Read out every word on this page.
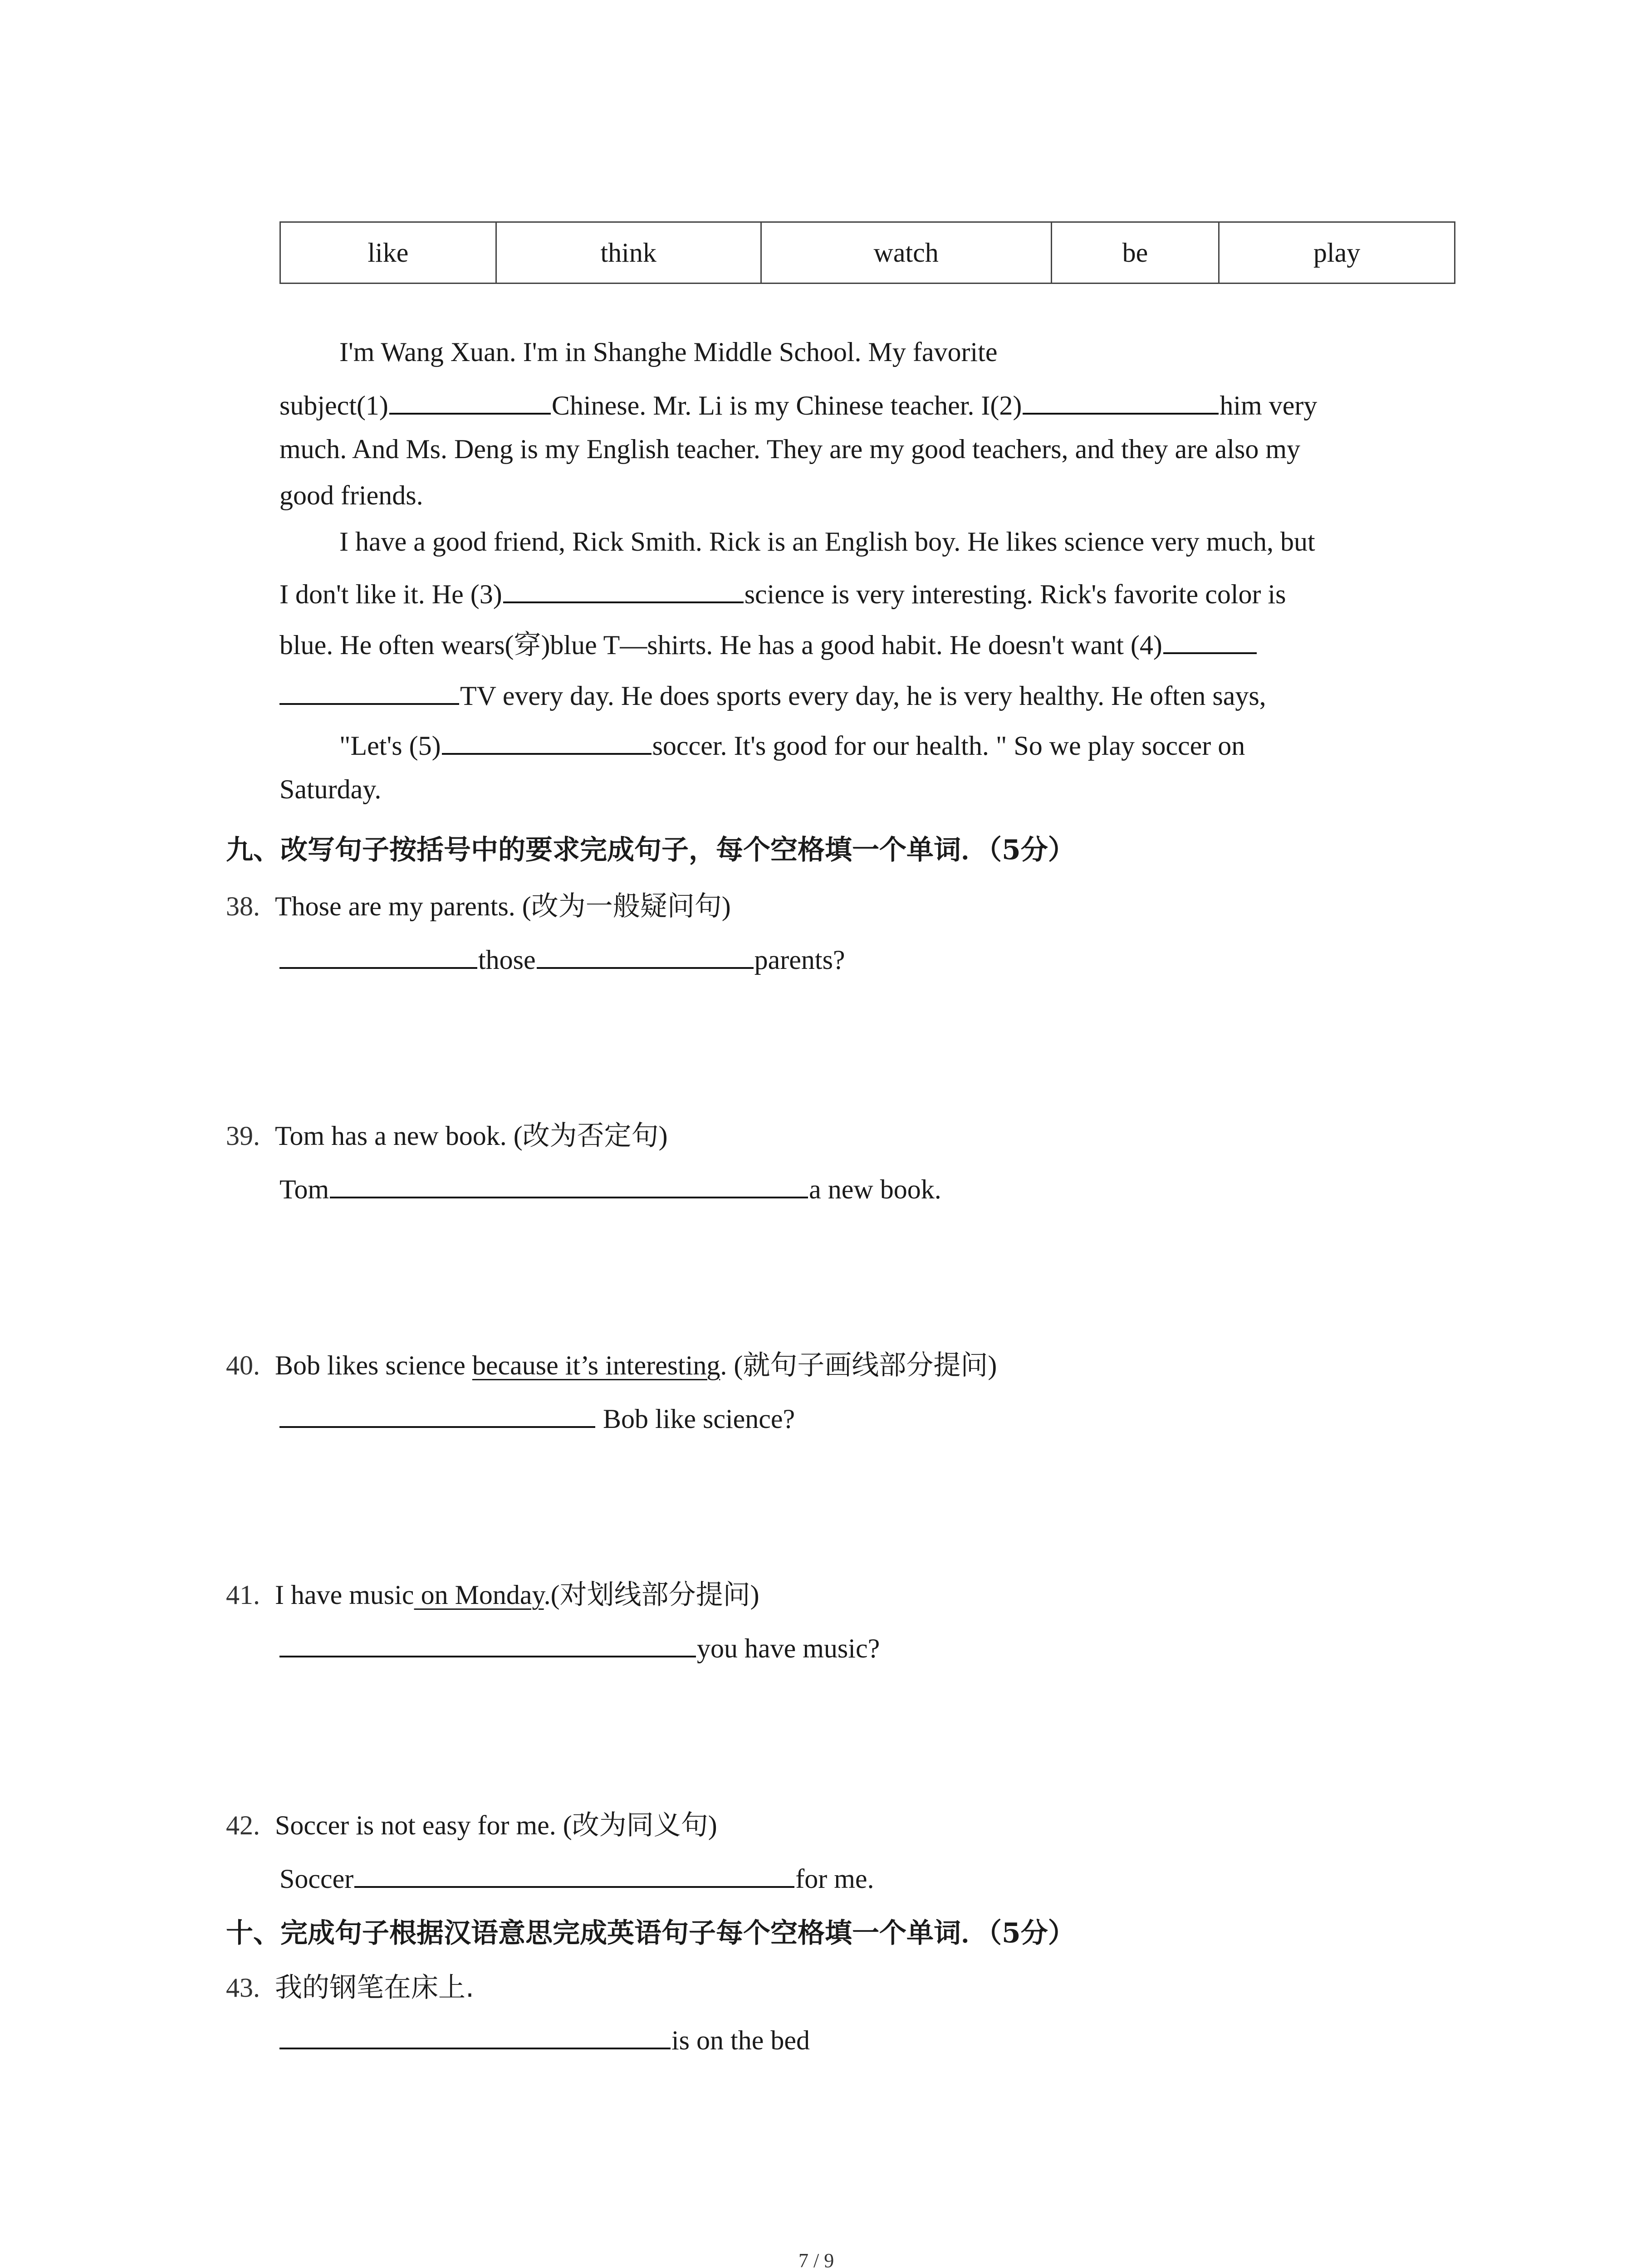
like	think	watch	be	play
I'm Wang Xuan. I'm in Shanghe Middle School. My favorite
subject(1)	Chinese. Mr. Li is my Chinese teacher. I(2)	him very
much. And Ms. Deng is my English teacher. They are my good teachers, and they are also my
good friends.
I have a good friend, Rick Smith. Rick is an English boy. He likes science very much, but
I don't like it. He (3)	science is very interesting. Rick's favorite color is
blue. He often wears(穿)blue T—shirts. He has a good habit. He doesn't want (4)
TV every day. He does sports every day, he is very healthy. He often says,
"Let's (5)	soccer. It's good for our health. " So we play soccer on
Saturday.
九、改写句子按括号中的要求完成句子，每个空格填一个单词．（5分）
38. Those are my parents. (改为一般疑问句)
those	parents?
39. Tom has a new book. (改为否定句)
Tom	a new book.
40. Bob likes science because it’s interesting. (就句子画线部分提问)
Bob like science?
41. I have music on Monday.(对划线部分提问)
you have music?
42. Soccer is not easy for me. (改为同义句)
Soccer	for me.
十、完成句子根据汉语意思完成英语句子每个空格填一个单词．（5分）
43. 我的钢笔在床上.
is on the bed
7 / 9
